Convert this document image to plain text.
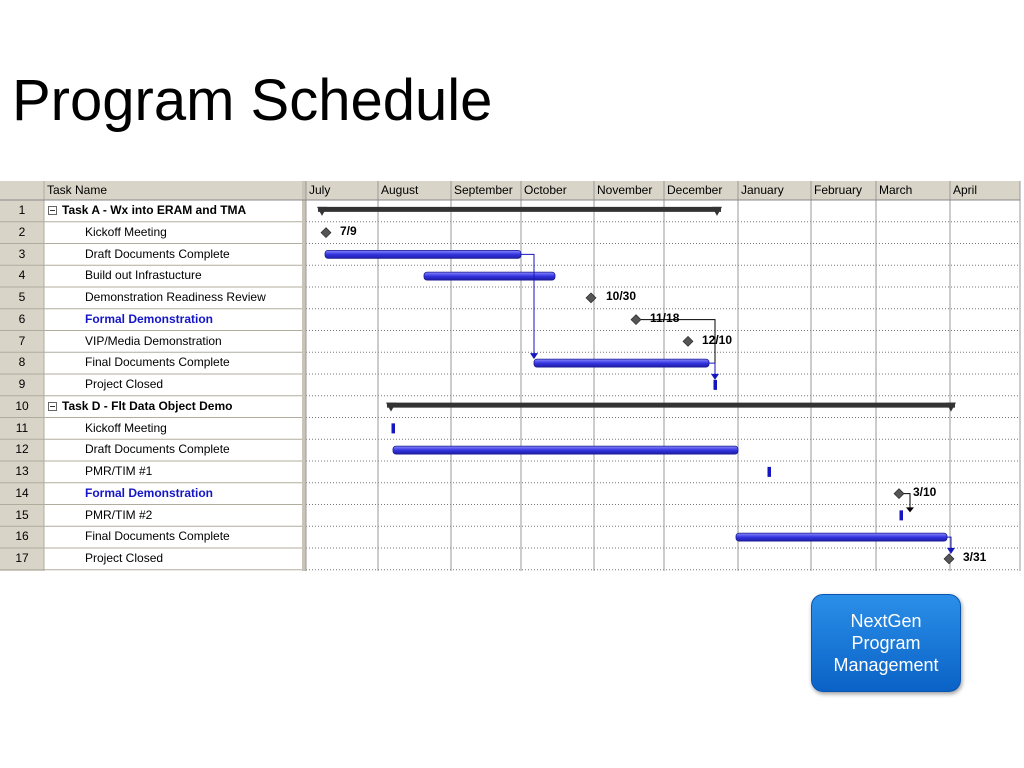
Program Schedule
Task Name	July	August	September October	November	December	January	February	March	April
1	Task A - Wx into ERAM and TMA
2	Kickoff Meeting
3	Draft Documents Complete
4	Build out Infrastucture
5	Demonstration Readiness Review
6	Formal Demonstration
7	VIP/Media Demonstration
8	Final Documents Complete
9	Project Closed
10	Task D - Flt Data Object Demo
11	Kickoff Meeting
12	Draft Documents Complete
13	PMR/TIM #1
14	Formal Demonstration
15	PMR/TIM #2
16	Final Documents Complete
17	Project Closed
7/9
10/30
11/18
12/10
3/10
3/31
NextGen Program Management
